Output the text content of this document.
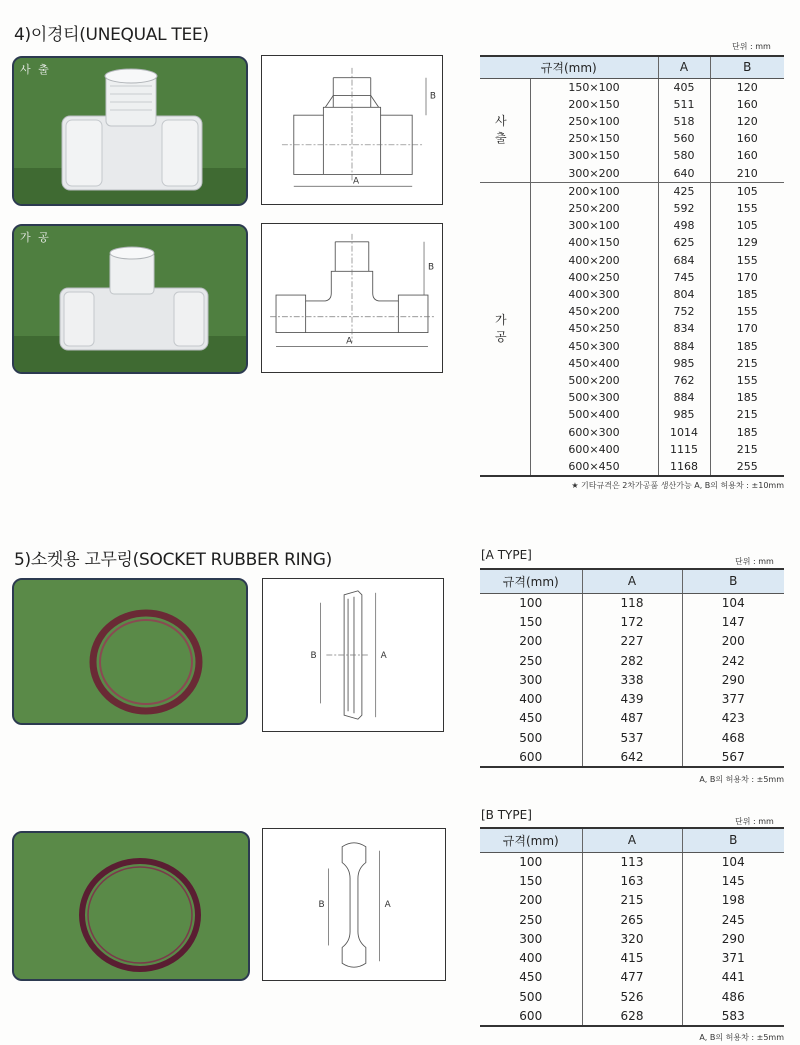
4)이경티(UNEQUAL TEE)
사 출
A
B
가 공
A
B
단위 : mm
규격(mm)		A	B
사 출	150×100	405	120
	200×150	511	160
	250×100	518	120
	250×150	560	160
	300×150	580	160
	300×200	640	210
가 공	200×100	425	105
	250×200	592	155
	300×100	498	105
	400×150	625	129
	400×200	684	155
	400×250	745	170
	400×300	804	185
	450×200	752	155
	450×250	834	170
	450×300	884	185
	450×400	985	215
	500×200	762	155
	500×300	884	185
	500×400	985	215
	600×300	1014	185
	600×400	1115	215
	600×450	1168	255
★ 기타규격은 2차가공품 생산가능 A, B의 허용차 : ±10mm
5)소켓용 고무링(SOCKET RUBBER RING)
B	A
[A TYPE]	단위 : mm
규격(mm)	A	B
100	118	104
150	172	147
200	227	200
250	282	242
300	338	290
400	439	377
450	487	423
500	537	468
600	642	567
A, B의 허용차 : ±5mm
B	A
[B TYPE]	단위 : mm
규격(mm)	A	B
100	113	104
150	163	145
200	215	198
250	265	245
300	320	290
400	415	371
450	477	441
500	526	486
600	628	583
A, B의 허용차 : ±5mm
